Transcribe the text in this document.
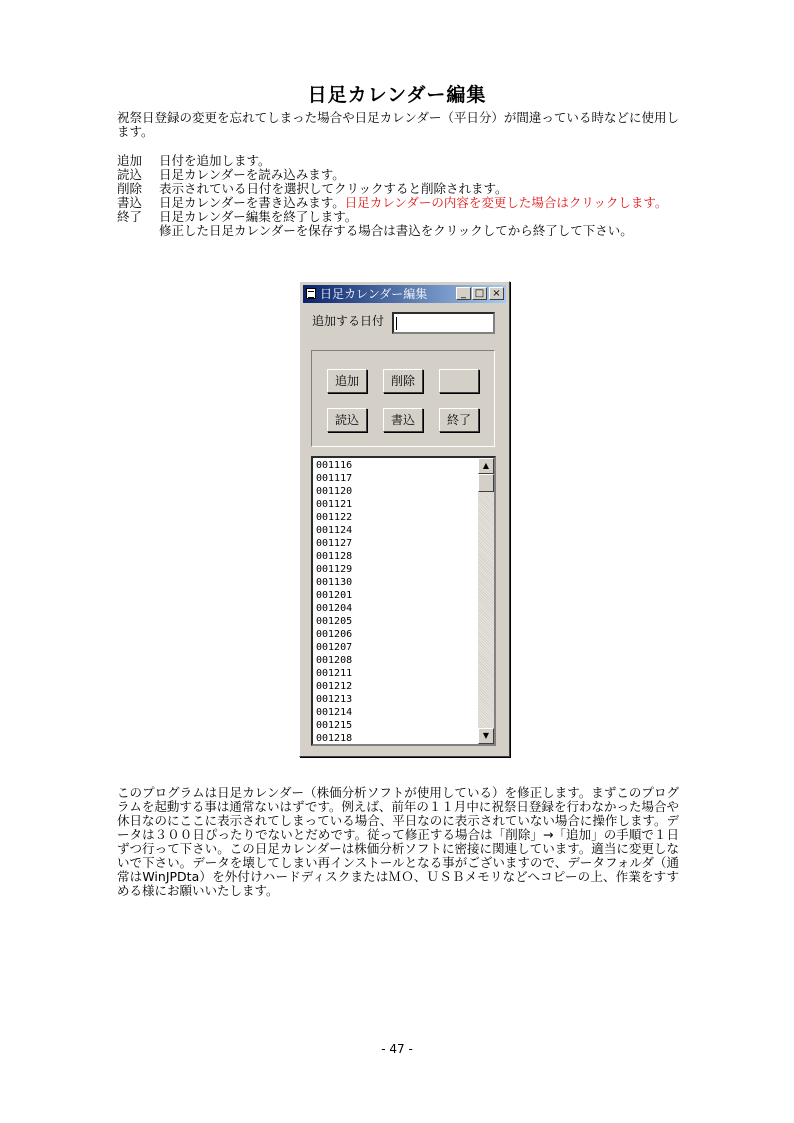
日足カレンダー編集
祝祭日登録の変更を忘れてしまった場合や日足カレンダー（平日分）が間違っている時などに使用します。
追加	日付を追加します。
読込	日足カレンダーを読み込みます。
削除	表示されている日付を選択してクリックすると削除されます。
書込	日足カレンダーを書き込みます。日足カレンダーの内容を変更した場合はクリックします。
終了	日足カレンダー編集を終了します。
修正した日足カレンダーを保存する場合は書込をクリックしてから終了して下さい。
日足カレンダー編集	_ □ ×
追加する日付
追加	削除
読込	書込	終了
001116
001117
001120
001121
001122
001124
001127
001128
001129
001130
001201
001204
001205
001206
001207
001208
001211
001212
001213
001214
001215
001218
▲
▼
このプログラムは日足カレンダー（株価分析ソフトが使用している）を修正します。まずこのプログラムを起動する事は通常ないはずです。例えば、前年の１１月中に祝祭日登録を行わなかった場合や休日なのにここに表示されてしまっている場合、平日なのに表示されていない場合に操作します。データは３００日ぴったりでないとだめです。従って修正する場合は「削除」→「追加」の手順で１日ずつ行って下さい。この日足カレンダーは株価分析ソフトに密接に関連しています。適当に変更しないで下さい。データを壊してしまい再インストールとなる事がございますので、データフォルダ（通常はWinJPDta）を外付けハードディスクまたはＭＯ、ＵＳＢメモリなどへコピーの上、作業をすすめる様にお願いいたします。
- 47 -
